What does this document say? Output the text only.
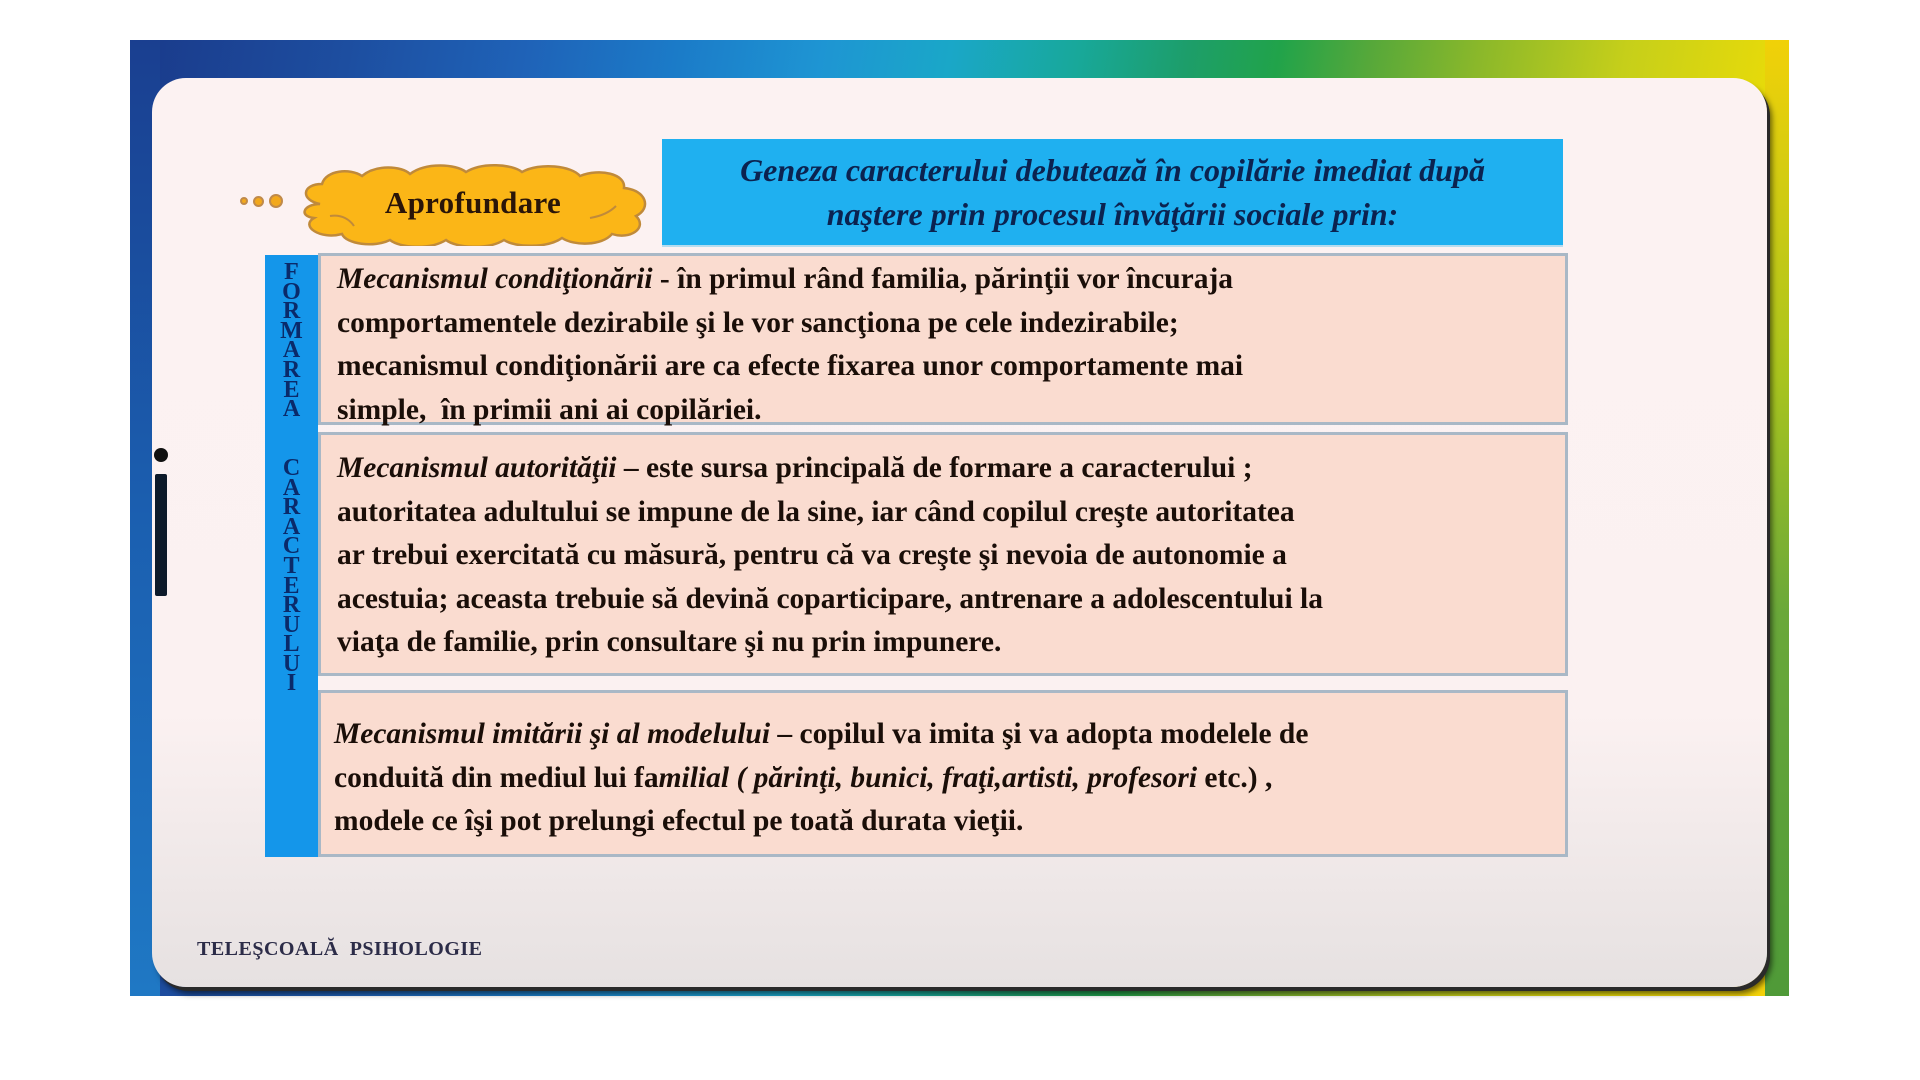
Aprofundare
Geneza caracterului debutează în copilărie imediat după
naştere prin procesul învăţării sociale prin:
F
O
R
M
A
R
E
A
C
A
R
A
C
T
E
R
U
L
U
I
Mecanismul condiţionării - în primul rând familia, părinţii vor încuraja
comportamentele dezirabile şi le vor sancţiona pe cele indezirabile;
mecanismul condiţionării are ca efecte fixarea unor comportamente mai
simple,  în primii ani ai copilăriei.
Mecanismul autorităţii – este sursa principală de formare a caracterului ;
autoritatea adultului se impune de la sine, iar când copilul creşte autoritatea
ar trebui exercitată cu măsură, pentru că va creşte şi nevoia de autonomie a
acestuia; aceasta trebuie să devină coparticipare, antrenare a adolescentului la
viaţa de familie, prin consultare şi nu prin impunere.
Mecanismul imitării şi al modelului – copilul va imita şi va adopta modelele de
conduită din mediul lui familial ( părinţi, bunici, fraţi,artisti, profesori etc.) ,
modele ce îşi pot prelungi efectul pe toată durata vieţii.
TELEŞCOALĂ  PSIHOLOGIE
